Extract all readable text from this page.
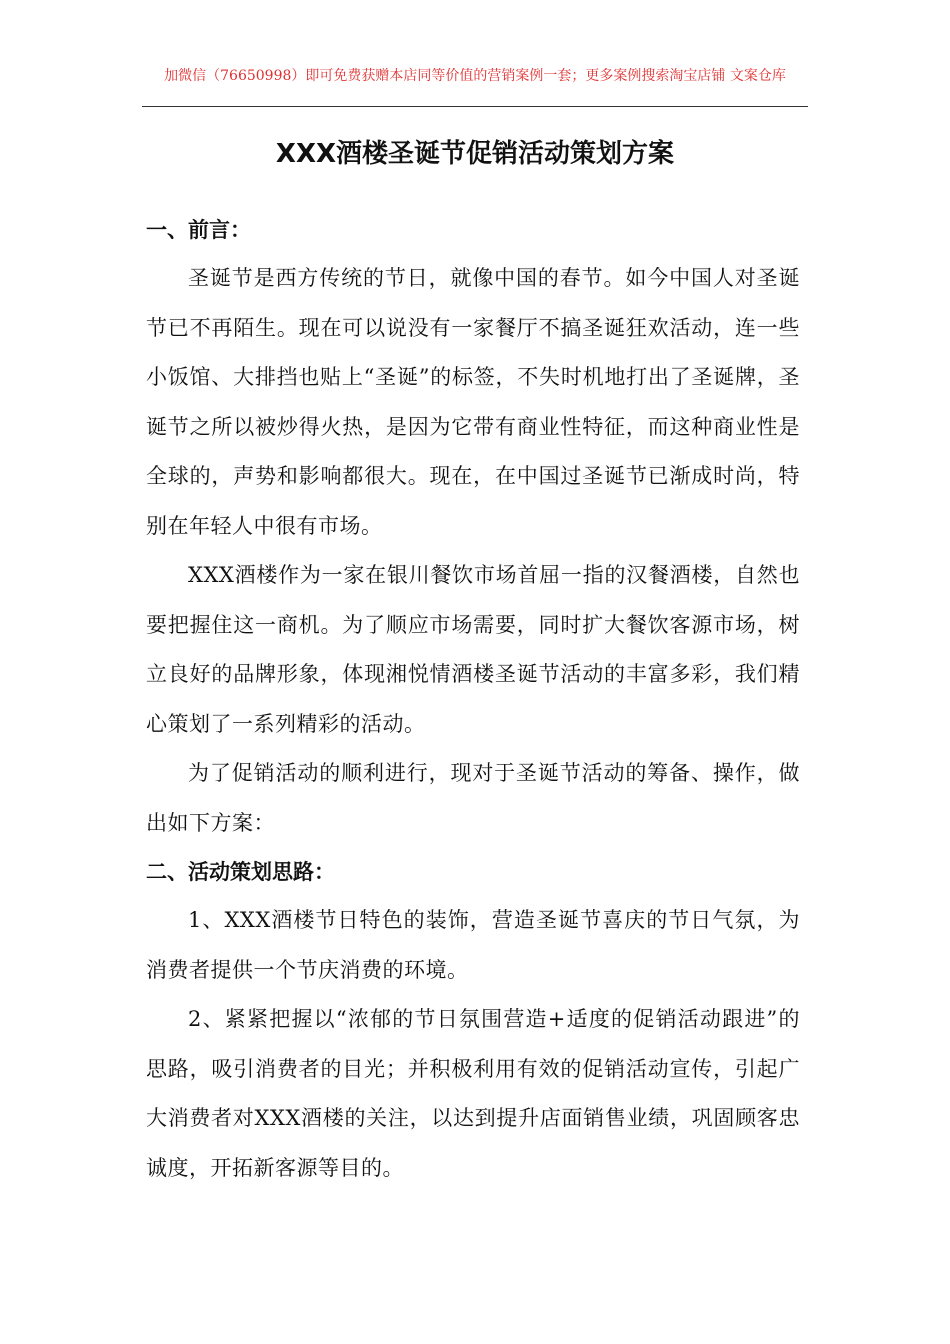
加微信（76650998）即可免费获赠本店同等价值的营销案例一套；更多案例搜索淘宝店铺 文案仓库
XXX酒楼圣诞节促销活动策划方案
一、前言：

圣诞节是西方传统的节日，就像中国的春节。如今中国人对圣诞节已不再陌生。现在可以说没有一家餐厅不搞圣诞狂欢活动，连一些小饭馆、大排挡也贴上“圣诞”的标签，不失时机地打出了圣诞牌，圣诞节之所以被炒得火热，是因为它带有商业性特征，而这种商业性是全球的，声势和影响都很大。现在，在中国过圣诞节已渐成时尚，特别在年轻人中很有市场。

XXX酒楼作为一家在银川餐饮市场首屈一指的汉餐酒楼，自然也要把握住这一商机。为了顺应市场需要，同时扩大餐饮客源市场，树立良好的品牌形象，体现湘悦情酒楼圣诞节活动的丰富多彩，我们精心策划了一系列精彩的活动。

为了促销活动的顺利进行，现对于圣诞节活动的筹备、操作，做出如下方案：

二、活动策划思路：

1、XXX酒楼节日特色的装饰，营造圣诞节喜庆的节日气氛，为消费者提供一个节庆消费的环境。

2、紧紧把握以“浓郁的节日氛围营造+适度的促销活动跟进”的思路，吸引消费者的目光；并积极利用有效的促销活动宣传，引起广大消费者对XXX酒楼的关注，以达到提升店面销售业绩，巩固顾客忠诚度，开拓新客源等目的。
